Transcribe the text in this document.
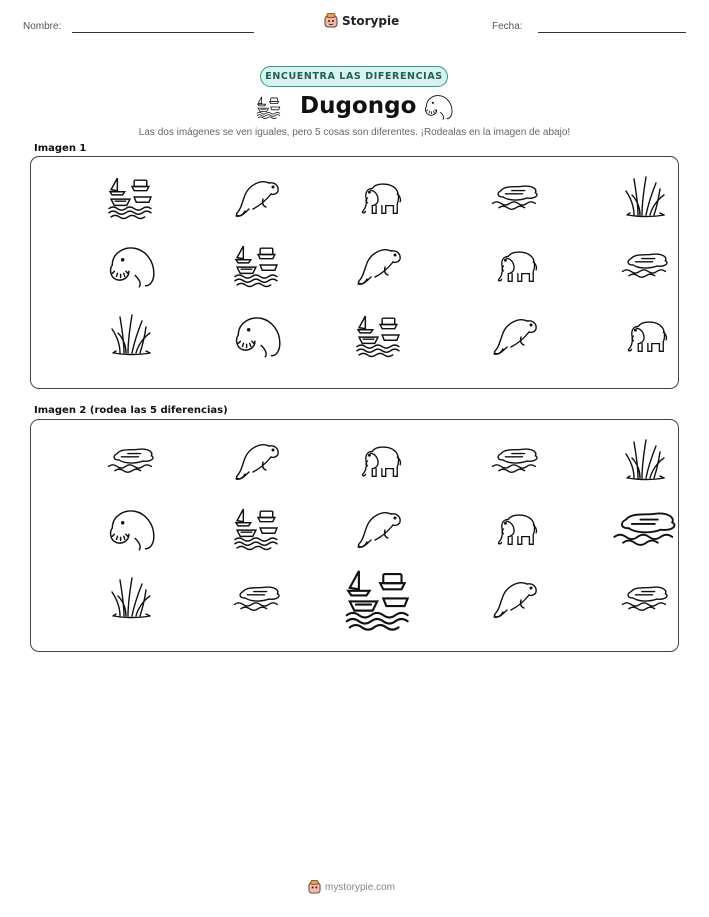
Nombre:	Storypie	Fecha:
ENCUENTRA LAS DIFERENCIAS
Dugongo
Las dos imágenes se ven iguales, pero 5 cosas son diferentes. ¡Rodealas en la imagen de abajo!
Imagen 1
Imagen 2 (rodea las 5 diferencias)
mystorypie.com
